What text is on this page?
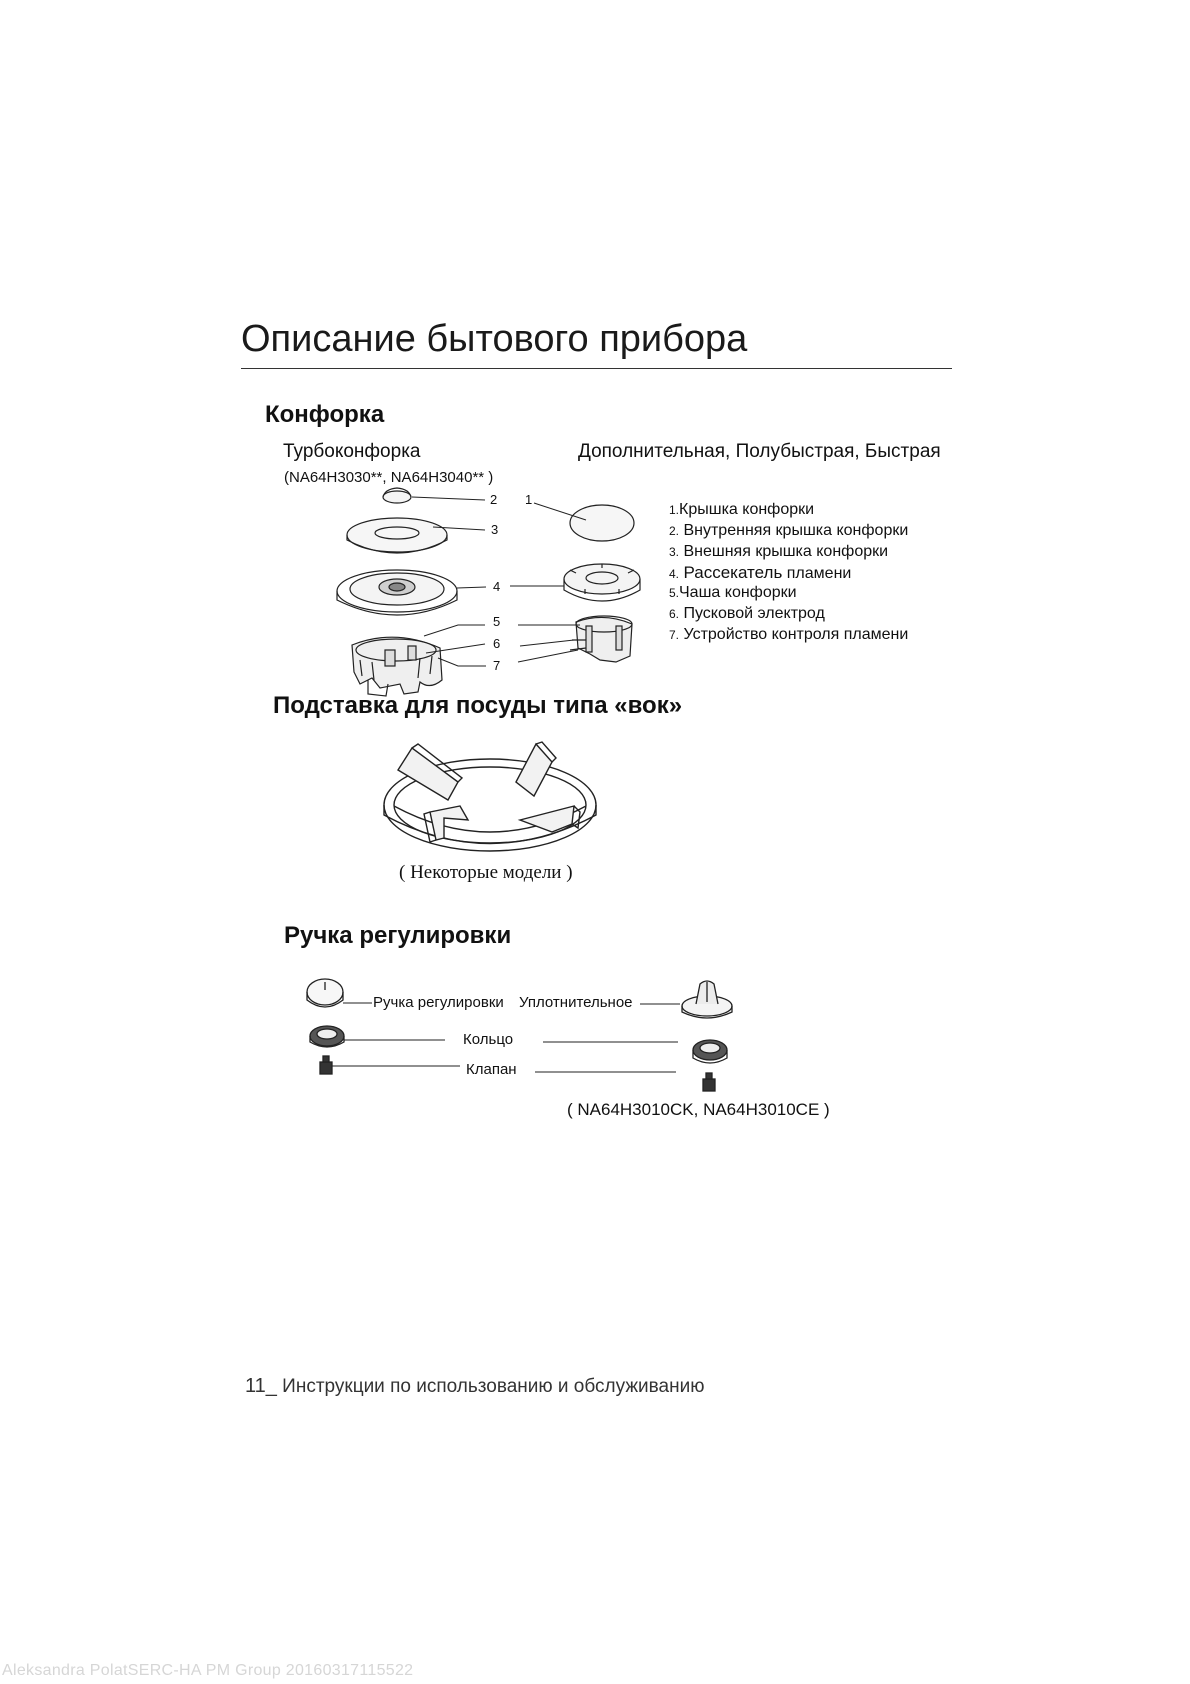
Описание бытового прибора
Конфорка
Турбоконфорка
(NA64H3030**, NA64H3040** )
Дополнительная, Полубыстрая, Быстрая
2 1
3
4
5
6
7
1.Крышка конфорки
2. Внутренняя крышка конфорки
3. Внешняя крышка конфорки
4. Рассекатель пламени
5.Чаша конфорки
6. Пусковой электрод
7. Устройство контроля пламени
Подставка для посуды типа «вок»
( Некоторые модели )
Ручка регулировки
Ручка регулировки Уплотнительное
Кольцо
Клапан
( NA64H3010CK, NA64H3010CE )
11_ Инструкции по использованию и обслуживанию
Aleksandra PolatSERC-HA PM Group 20160317115522
